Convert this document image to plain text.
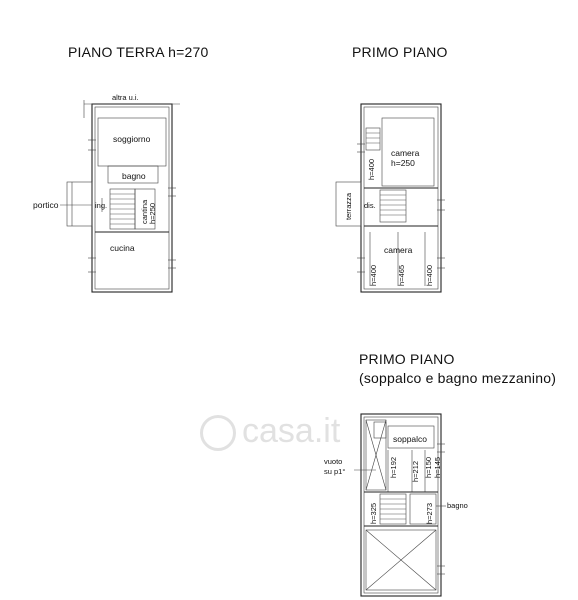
PIANO TERRA h=270	PRIMO PIANO
PRIMO PIANO
(soppalco e bagno mezzanino)
casa.it
altra u.i.
soggiorno
bagno
portico	ing.	cantina h=250
cucina
camera
h=250
h=400
terrazza dis.
camera
h=400	h=465	h=400
soppalco
vuoto
su p1°	h=192 h=212 h=150 h=145
h=325	h=273 bagno
